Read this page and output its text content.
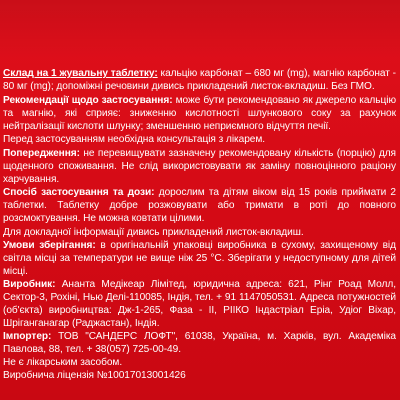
Склад на 1 жувальну таблетку: кальцію карбонат – 680 мг (mg), магнію карбонат - 80 мг (mg); допоміжні речовини дивись прикладений листок-вкладиш. Без ГМО.

Рекомендації щодо застосування: може бути рекомендовано як джерело кальцію та магнію, які сприяє: зниженню кислотності шлункового соку за рахунок нейтралізації кислоти шлунку; зменшенню неприємного відчуття печії.

Перед застосуванням необхідна консультація з лікарем.

Попередження: не перевищувати зазначену рекомендовану кількість (порцію) для щоденного споживання. Не слід використовувати як заміну повноцінного раціону харчування.

Спосіб застосування та дози: дорослим та дітям віком від 15 років приймати 2 таблетки. Таблетку добре розжовувати або тримати в роті до повного розсмоктування. Не можна ковтати цілими.

Для докладної інформації дивись прикладений листок-вкладиш.

Умови зберігання: в оригінальній упаковці виробника в сухому, захищеному від світла місці за температури не вище ніж 25 °С. Зберігати у недоступному для дітей місці.

Виробник: Ананта Медікеар Лімітед, юридична адреса: 621, Рінг Роад Молл, Сектор-3, Рохіні, Нью Делі-110085, Індія, тел. + 91 1147050531. Адреса потужностей (об'єкта) виробництва: Дж-1-265, Фаза - ІІ, РІІКО Індастріал Еріа, Удіог Віхар, Шріганганагар (Раджастан), Індія.

Імпортер: ТОВ "САНДЕРС ЛОФТ", 61038, Україна, м. Харків, вул. Академіка Павлова, 88, тел. + 38(057) 725-00-49.

Не є лікарським засобом.

Виробнича ліцензія №10017013001426
